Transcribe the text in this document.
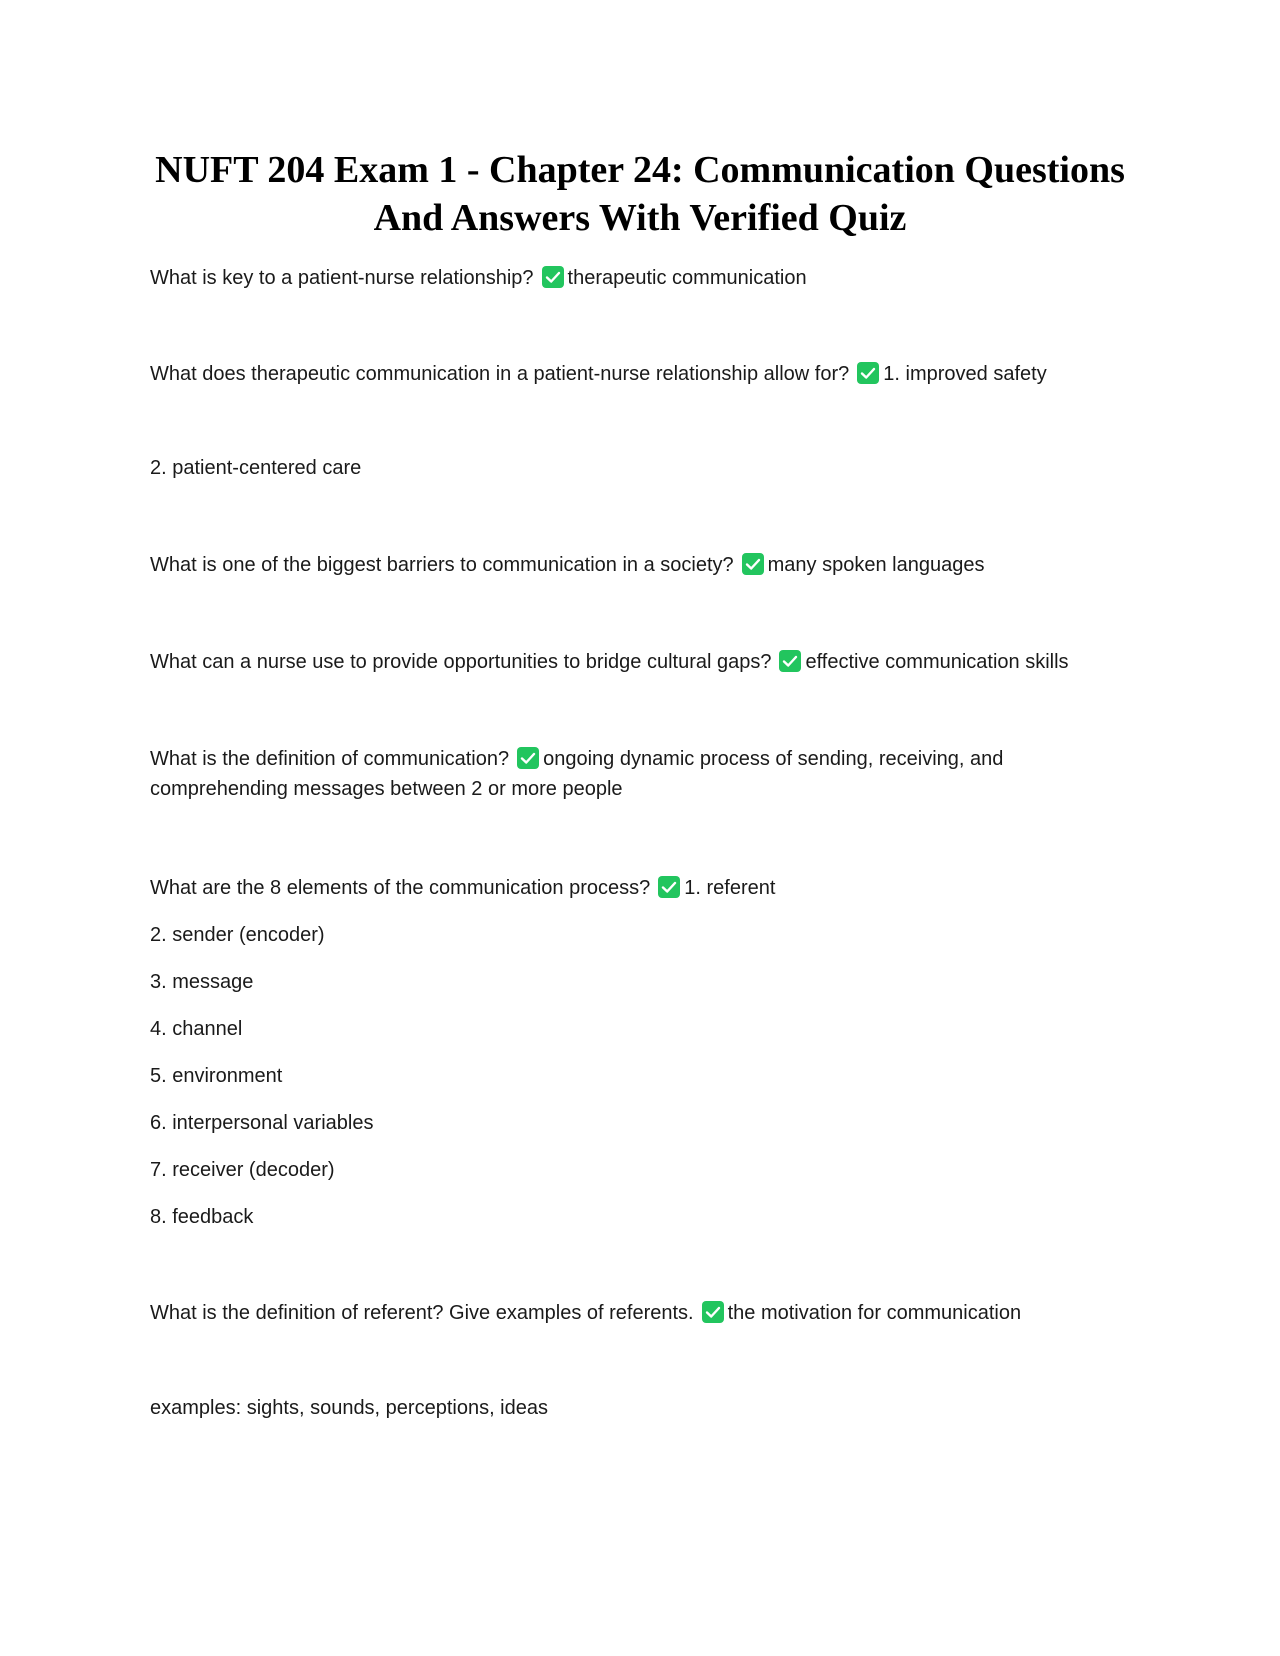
NUFT 204 Exam 1 - Chapter 24: Communication Questions
And Answers With Verified Quiz

What is key to a patient-nurse relationship? therapeutic communication

What does therapeutic communication in a patient-nurse relationship allow for? 1. improved safety

2. patient-centered care

What is one of the biggest barriers to communication in a society? many spoken languages

What can a nurse use to provide opportunities to bridge cultural gaps? effective communication skills

What is the definition of communication? ongoing dynamic process of sending, receiving, and comprehending messages between 2 or more people

What are the 8 elements of the communication process? 1. referent

2. sender (encoder)

3. message

4. channel

5. environment

6. interpersonal variables

7. receiver (decoder)

8. feedback

What is the definition of referent? Give examples of referents. the motivation for communication

examples: sights, sounds, perceptions, ideas
